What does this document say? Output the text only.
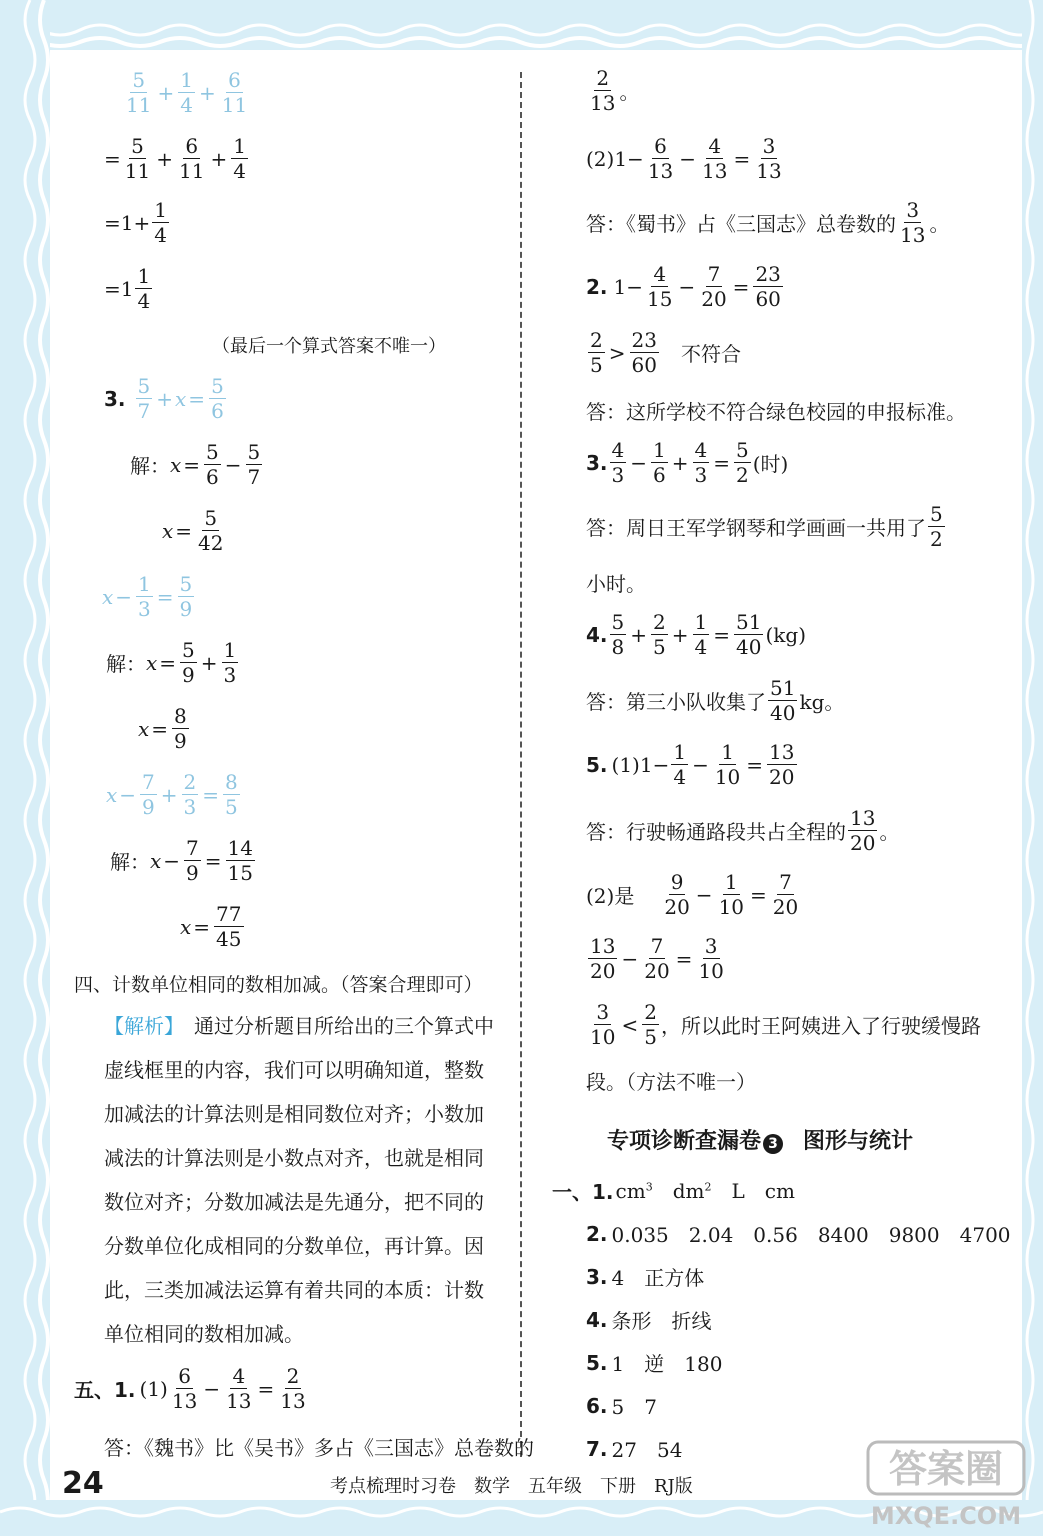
$\frac{5}{11} + \frac{1}{4} + \frac{6}{11}$
= $\frac{5}{11} + \frac{6}{11} + \frac{1}{4}$
$=1+ \frac{1}{4}$
$=1 \frac{1}{4}$
（最后一个算式答案不唯一）
3. $\frac{5}{7} + x = \frac{5}{6}$
解： $x = \frac{5}{6} - \frac{5}{7}$
$x = \frac{5}{42}$
$x - \frac{1}{3} = \frac{5}{9}$
解： $x = \frac{5}{9} + \frac{1}{3}$
$x = \frac{8}{9}$
$x - \frac{7}{9} + \frac{2}{3} = \frac{8}{5}$
解： $x - \frac{7}{9} = \frac{14}{15}$
$x = \frac{77}{45}$
四、计数单位相同的数相加减。（答案合理即可）
【解析】 通过分析题目所给出的三个算式中
虚线框里的内容，我们可以明确知道，整数
加减法的计算法则是相同数位对齐；小数加
减法的计算法则是小数点对齐，也就是相同
数位对齐；分数加减法是先通分，把不同的
分数单位化成相同的分数单位，再计算。因
此，三类加减法运算有着共同的本质：计数
单位相同的数相加减。
五、1. $(1) \frac{6}{13} - \frac{4}{13} = \frac{2}{13}$
答：《魏书》比《吴书》多占《三国志》总卷数的
$\frac{2}{13}$ 。
$(2)1- \frac{6}{13} - \frac{4}{13} = \frac{3}{13}$
答：《蜀书》占《三国志》总卷数的 $\frac{3}{13}$ 。
2. $1- \frac{4}{15} - \frac{7}{20} = \frac{23}{60}$
$\frac{2}{5} > \frac{23}{60}$ 不符合
答：这所学校不符合绿色校园的申报标准。
3. $\frac{4}{3} - \frac{1}{6} + \frac{4}{3} = \frac{5}{2}$ (时)
答：周日王军学钢琴和学画画一共用了 $\frac{5}{2}$
小时。
4. $\frac{5}{8} + \frac{2}{5} + \frac{1}{4} = \frac{51}{40} (kg)$
答：第三小队收集了 $\frac{51}{40}$ kg。
5. $(1)1- \frac{1}{4} - \frac{1}{10} = \frac{13}{20}$
答：行驶畅通路段共占全程的 $\frac{13}{20}$ 。
(2)是 $\frac{9}{20} - \frac{1}{10} = \frac{7}{20}$
$\frac{13}{20} - \frac{7}{20} = \frac{3}{10}$
$\frac{3}{10} < \frac{2}{5}$ ，所以此时王阿姨进入了行驶缓慢路
段。（方法不唯一）
专项诊断查漏卷 3 图形与统计
一、1. $cm^3$ $dm^2$ L cm
2. 0.035　2.04　0.56　8400　9800　4700
3. 4　正方体
4. 条形　折线
5. 1　逆　180
6. 5　7
7. 27　54
24	考点梳理时习卷 数学 五年级 下册 RJ版	答案圈
MXQE.COM
